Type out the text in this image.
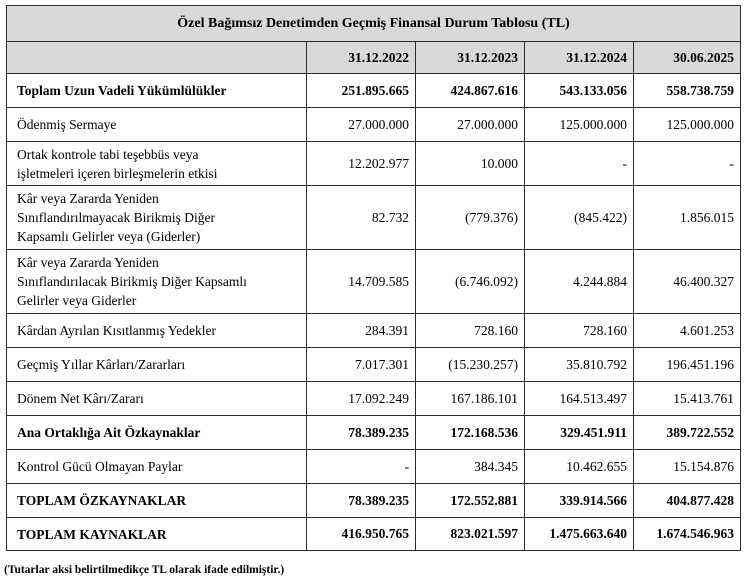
Özel Bağımsız Denetimden Geçmiş Finansal Durum Tablosu (TL)				
	31.12.2022	31.12.2023	31.12.2024	30.06.2025

Toplam Uzun Vadeli Yükümlülükler	251.895.665	424.867.616	543.133.056	558.738.759

Ödenmiş Sermaye	27.000.000	27.000.000	125.000.000	125.000.000

Ortak kontrole tabi teşebbüs veya
işletmeleri içeren birleşmelerin etkisi	12.202.977	10.000	-	-

Kâr veya Zararda Yeniden
Sınıflandırılmayacak Birikmiş Diğer
Kapsamlı Gelirler veya (Giderler)	82.732	(779.376)	(845.422)	1.856.015

Kâr veya Zararda Yeniden
Sınıflandırılacak Birikmiş Diğer Kapsamlı
Gelirler veya Giderler	14.709.585	(6.746.092)	4.244.884	46.400.327

Kârdan Ayrılan Kısıtlanmış Yedekler	284.391	728.160	728.160	4.601.253

Geçmiş Yıllar Kârları/Zararları	7.017.301	(15.230.257)	35.810.792	196.451.196

Dönem Net Kârı/Zararı	17.092.249	167.186.101	164.513.497	15.413.761

Ana Ortaklığa Ait Özkaynaklar	78.389.235	172.168.536	329.451.911	389.722.552

Kontrol Gücü Olmayan Paylar	-	384.345	10.462.655	15.154.876

TOPLAM ÖZKAYNAKLAR	78.389.235	172.552.881	339.914.566	404.877.428

TOPLAM KAYNAKLAR	416.950.765	823.021.597	1.475.663.640	1.674.546.963
(Tutarlar aksi belirtilmedikçe TL olarak ifade edilmiştir.)
